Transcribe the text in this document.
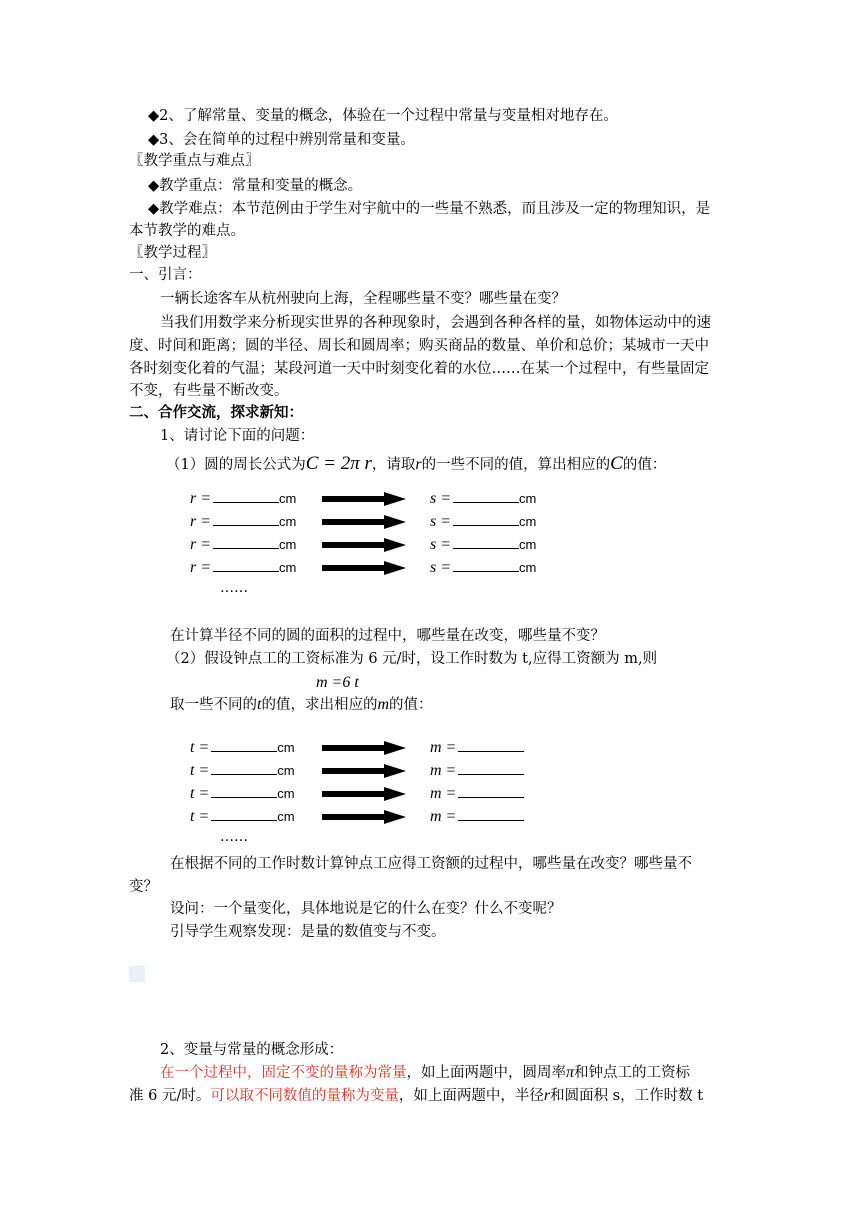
◆2、了解常量、变量的概念，体验在一个过程中常量与变量相对地存在。
◆3、会在简单的过程中辨别常量和变量。
〖教学重点与难点〗
◆教学重点：常量和变量的概念。
◆教学难点：本节范例由于学生对宇航中的一些量不熟悉，而且涉及一定的物理知识，是
本节教学的难点。
〖教学过程〗
一、引言：
一辆长途客车从杭州驶向上海，全程哪些量不变？哪些量在变？
当我们用数学来分析现实世界的各种现象时，会遇到各种各样的量，如物体运动中的速
度、时间和距离；圆的半径、周长和圆周率；购买商品的数量、单价和总价；某城市一天中
各时刻变化着的气温；某段河道一天中时刻变化着的水位……在某一个过程中，有些量固定
不变，有些量不断改变。
二、合作交流，探求新知：
1、请讨论下面的问题：
（1）圆的周长公式为C = 2π r，请取r的一些不同的值，算出相应的C的值：
r =	cm	s =	cm
r =	cm	s =	cm
r =	cm	s =	cm
r =	cm	s =	cm
……
在计算半径不同的圆的面积的过程中，哪些量在改变，哪些量不变？
（2）假设钟点工的工资标准为 6 元/时，设工作时数为 t,应得工资额为 m,则
m =6 t
取一些不同的t的值，求出相应的m的值：
t =	cm	m =
t =	cm	m =
t =	cm	m =
t =	cm	m =
……
在根据不同的工作时数计算钟点工应得工资额的过程中，哪些量在改变？哪些量不
变？
设问：一个量变化，具体地说是它的什么在变？什么不变呢？
引导学生观察发现：是量的数值变与不变。
2、变量与常量的概念形成：
在一个过程中，固定不变的量称为常量，如上面两题中，圆周率π和钟点工的工资标
准 6 元/时。可以取不同数值的量称为变量，如上面两题中，半径r和圆面积 s，工作时数 t
